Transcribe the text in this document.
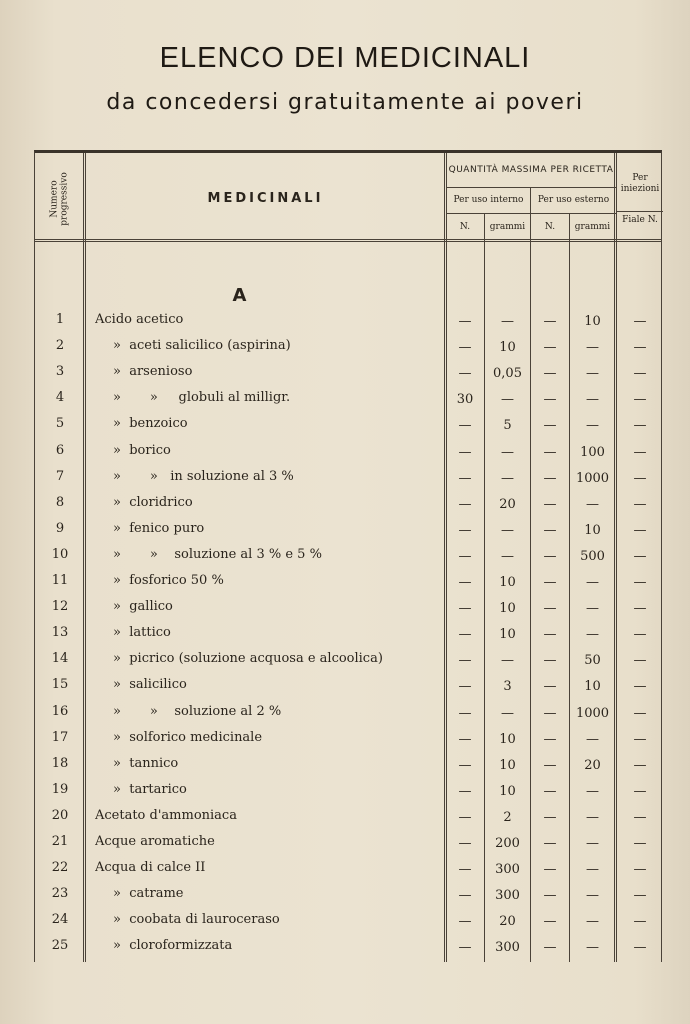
ELENCO DEI MEDICINALI
da concedersi gratuitamente ai poveri
Numero progressivo	MEDICINALI
QUANTITÀ MASSIMA PER RICETTA
Per uso interno	Per uso esterno
Per iniezioni
N.	grammi	N.	grammi
Fiale N.
A
1	Acido acetico	—	—	—	10	—
2	»  aceti salicilico (aspirina)	—	10	—	—	—
3	»  arsenioso	—	0,05	—	—	—
4	»       »     globuli al milligr.	30	—	—	—	—
5	»  benzoico	—	5	—	—	—
6	»  borico	—	—	—	100	—
7	»       »   in soluzione al 3 %	—	—	—	1000	—
8	»  cloridrico	—	20	—	—	—
9	»  fenico puro	—	—	—	10	—
10	»       »    soluzione al 3 % e 5 %	—	—	—	500	—
11	»  fosforico 50 %	—	10	—	—	—
12	»  gallico	—	10	—	—	—
13	»  lattico	—	10	—	—	—
14	»  picrico (soluzione acquosa e alcoolica)	—	—	—	50	—
15	»  salicilico	—	3	—	10	—
16	»       »    soluzione al 2 %	—	—	—	1000	—
17	»  solforico medicinale	—	10	—	—	—
18	»  tannico	—	10	—	20	—
19	»  tartarico	—	10	—	—	—
20	Acetato d'ammoniaca	—	2	—	—	—
21	Acque aromatiche	—	200	—	—	—
22	Acqua di calce II	—	300	—	—	—
23	»  catrame	—	300	—	—	—
24	»  coobata di lauroceraso	—	20	—	—	—
25	»  cloroformizzata	—	300	—	—	—
